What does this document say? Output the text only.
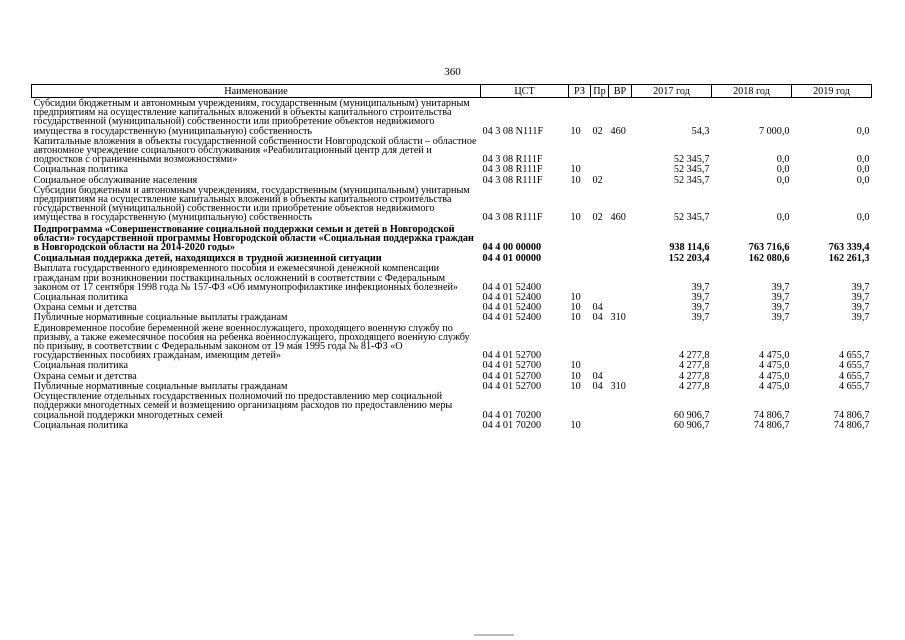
360
Наименование	ЦСТ	РЗ	Пр	ВР	2017 год	2018 год	2019 год
Субсидии бюджетным и автономным учреждениям, государственным (муниципальным) унитарным предприятиям на осуществление капитальных вложений в объекты капитального строительства государственной (муниципальной) собственности или приобретение объектов недвижимого имущества в государственную (муниципальную) собственность	04 3 08 N111F	10	02	460	54,3	7 000,0	0,0
Капитальные вложения в объекты государственной собственности Новгородской области – областное автономное учреждение социального обслуживания «Реабилитационный центр для детей и подростков с ограниченными возможностями»	04 3 08 R111F				52 345,7	0,0	0,0
Социальная политика	04 3 08 R111F	10			52 345,7	0,0	0,0
Социальное обслуживание населения	04 3 08 R111F	10	02		52 345,7	0,0	0,0
Субсидии бюджетным и автономным учреждениям, государственным (муниципальным) унитарным предприятиям на осуществление капитальных вложений в объекты капитального строительства государственной (муниципальной) собственности или приобретение объектов недвижимого имущества в государственную (муниципальную) собственность	04 3 08 R111F	10	02	460	52 345,7	0,0	0,0
Подпрограмма «Совершенствование социальной поддержки семьи и детей в Новгородской области» государственной программы Новгородской области «Социальная поддержка граждан в Новгородской области на 2014-2020 годы»	04 4 00 00000				938 114,6	763 716,6	763 339,4
Социальная поддержка детей, находящихся в трудной жизненной ситуации	04 4 01 00000				152 203,4	162 080,6	162 261,3
Выплата государственного единовременного пособия и ежемесячной денежной компенсации гражданам при возникновении поствакцинальных осложнений в соответствии с Федеральным законом от 17 сентября 1998 года № 157-ФЗ «Об иммунопрофилактике инфекционных болезней»	04 4 01 52400				39,7	39,7	39,7
Социальная политика	04 4 01 52400	10			39,7	39,7	39,7
Охрана семьи и детства	04 4 01 52400	10	04		39,7	39,7	39,7
Публичные нормативные социальные выплаты гражданам	04 4 01 52400	10	04	310	39,7	39,7	39,7
Единовременное пособие беременной жене военнослужащего, проходящего военную службу по призыву, а также ежемесячное пособия на ребенка военнослужащего, проходящего военную службу по призыву, в соответствии с Федеральным законом от 19 мая 1995 года № 81-ФЗ «О государственных пособиях гражданам, имеющим детей»	04 4 01 52700				4 277,8	4 475,0	4 655,7
Социальная политика	04 4 01 52700	10			4 277,8	4 475,0	4 655,7
Охрана семьи и детства	04 4 01 52700	10	04		4 277,8	4 475,0	4 655,7
Публичные нормативные социальные выплаты гражданам	04 4 01 52700	10	04	310	4 277,8	4 475,0	4 655,7
Осуществление отдельных государственных полномочий по предоставлению мер социальной поддержки многодетных семей и возмещению организациям расходов по предоставлению меры социальной поддержки многодетных семей	04 4 01 70200				60 906,7	74 806,7	74 806,7
Социальная политика	04 4 01 70200	10			60 906,7	74 806,7	74 806,7
